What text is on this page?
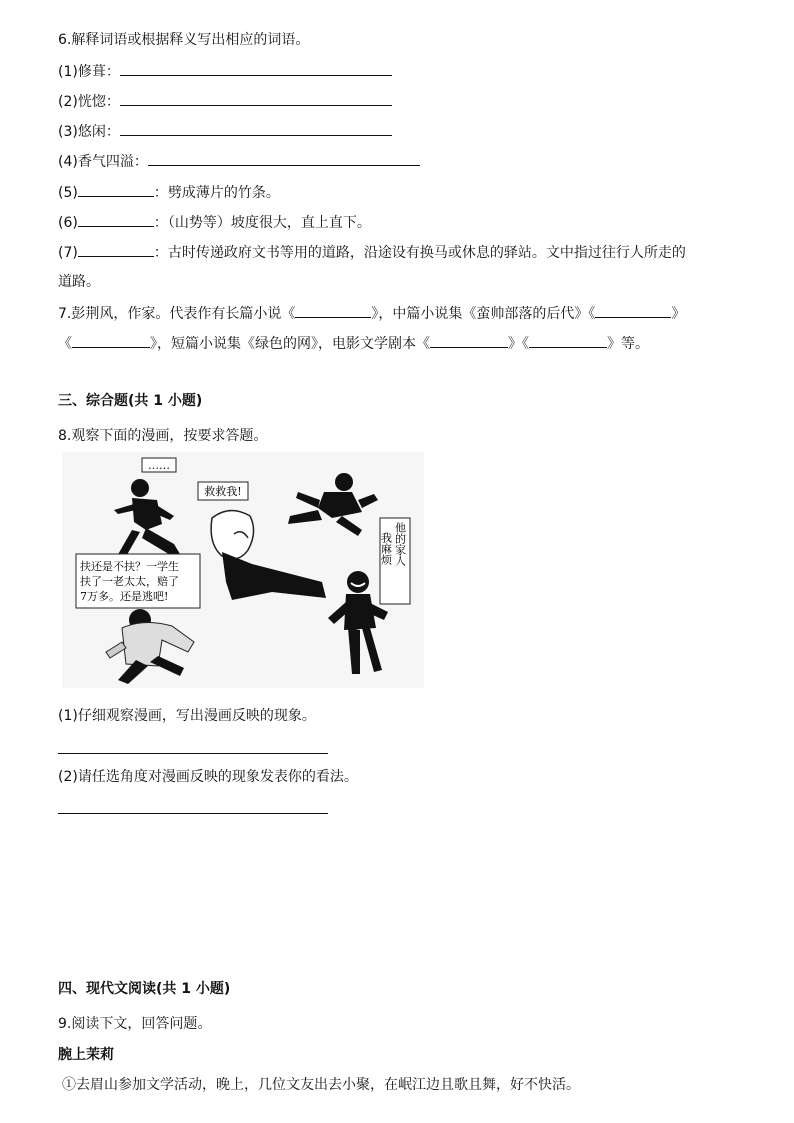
6.解释词语或根据释义写出相应的词语。
(1)修葺：
(2)恍惚：
(3)悠闲：
(4)香气四溢：
(5)	：劈成薄片的竹条。
(6)	：（山势等）坡度很大，直上直下。
(7)	：古时传递政府文书等用的道路，沿途设有换马或休息的驿站。文中指过往行人所走的
道路。
7.彭荆风，作家。代表作有长篇小说《	》，中篇小说集《蛮帅部落的后代》《	》
《	》，短篇小说集《绿色的网》，电影文学剧本《	》《	》等。
三、综合题(共 1 小题)
8.观察下面的漫画，按要求答题。
……
救救我!
我麻烦 他的家人
扶还是不扶？一学生
扶了一老太太，赔了
7万多。还是逃吧!
(1)仔细观察漫画，写出漫画反映的现象。
(2)请任选角度对漫画反映的现象发表你的看法。
四、现代文阅读(共 1 小题)
9.阅读下文，回答问题。
腕上茉莉
①去眉山参加文学活动，晚上，几位文友出去小聚，在岷江边且歌且舞，好不快活。
